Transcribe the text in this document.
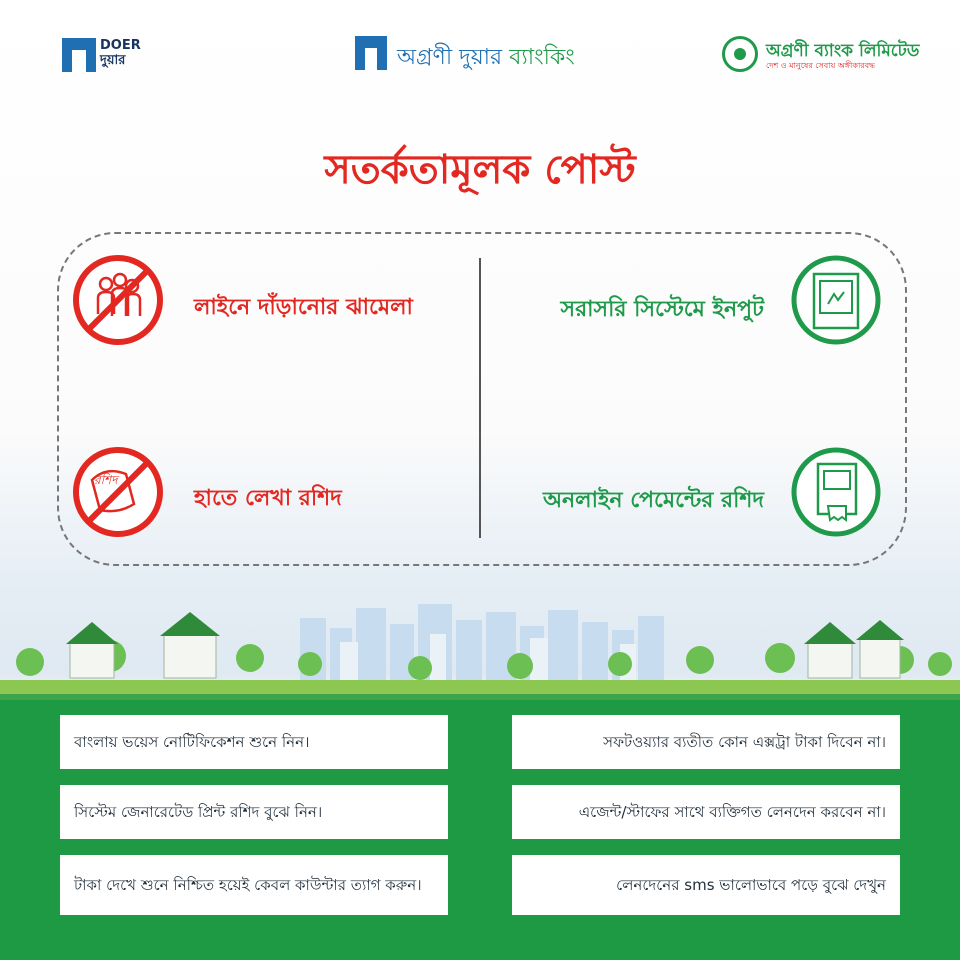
DOER
দুয়ার	অগ্রণী দুয়ার ব্যাংকিং	অগ্রণী ব্যাংক লিমিটেড
দেশ ও মানুষের সেবায় অঙ্গীকারবদ্ধ
সতর্কতামূলক পোস্ট
লাইনে দাঁড়ানোর ঝামেলা
রশিদ
হাতে লেখা রশিদ
সরাসরি সিস্টেমে ইনপুট
অনলাইন পেমেন্টের রশিদ
বাংলায় ভয়েস নোটিফিকেশন শুনে নিন।
সিস্টেম জেনারেটেড প্রিন্ট রশিদ বুঝে নিন।
টাকা দেখে শুনে নিশ্চিত হয়েই কেবল কাউন্টার ত্যাগ করুন।
সফটওয়্যার ব্যতীত কোন এক্সট্রা টাকা দিবেন না।
এজেন্ট/স্টাফের সাথে ব্যক্তিগত লেনদেন করবেন না।
লেনদেনের sms ভালোভাবে পড়ে বুঝে দেখুন
